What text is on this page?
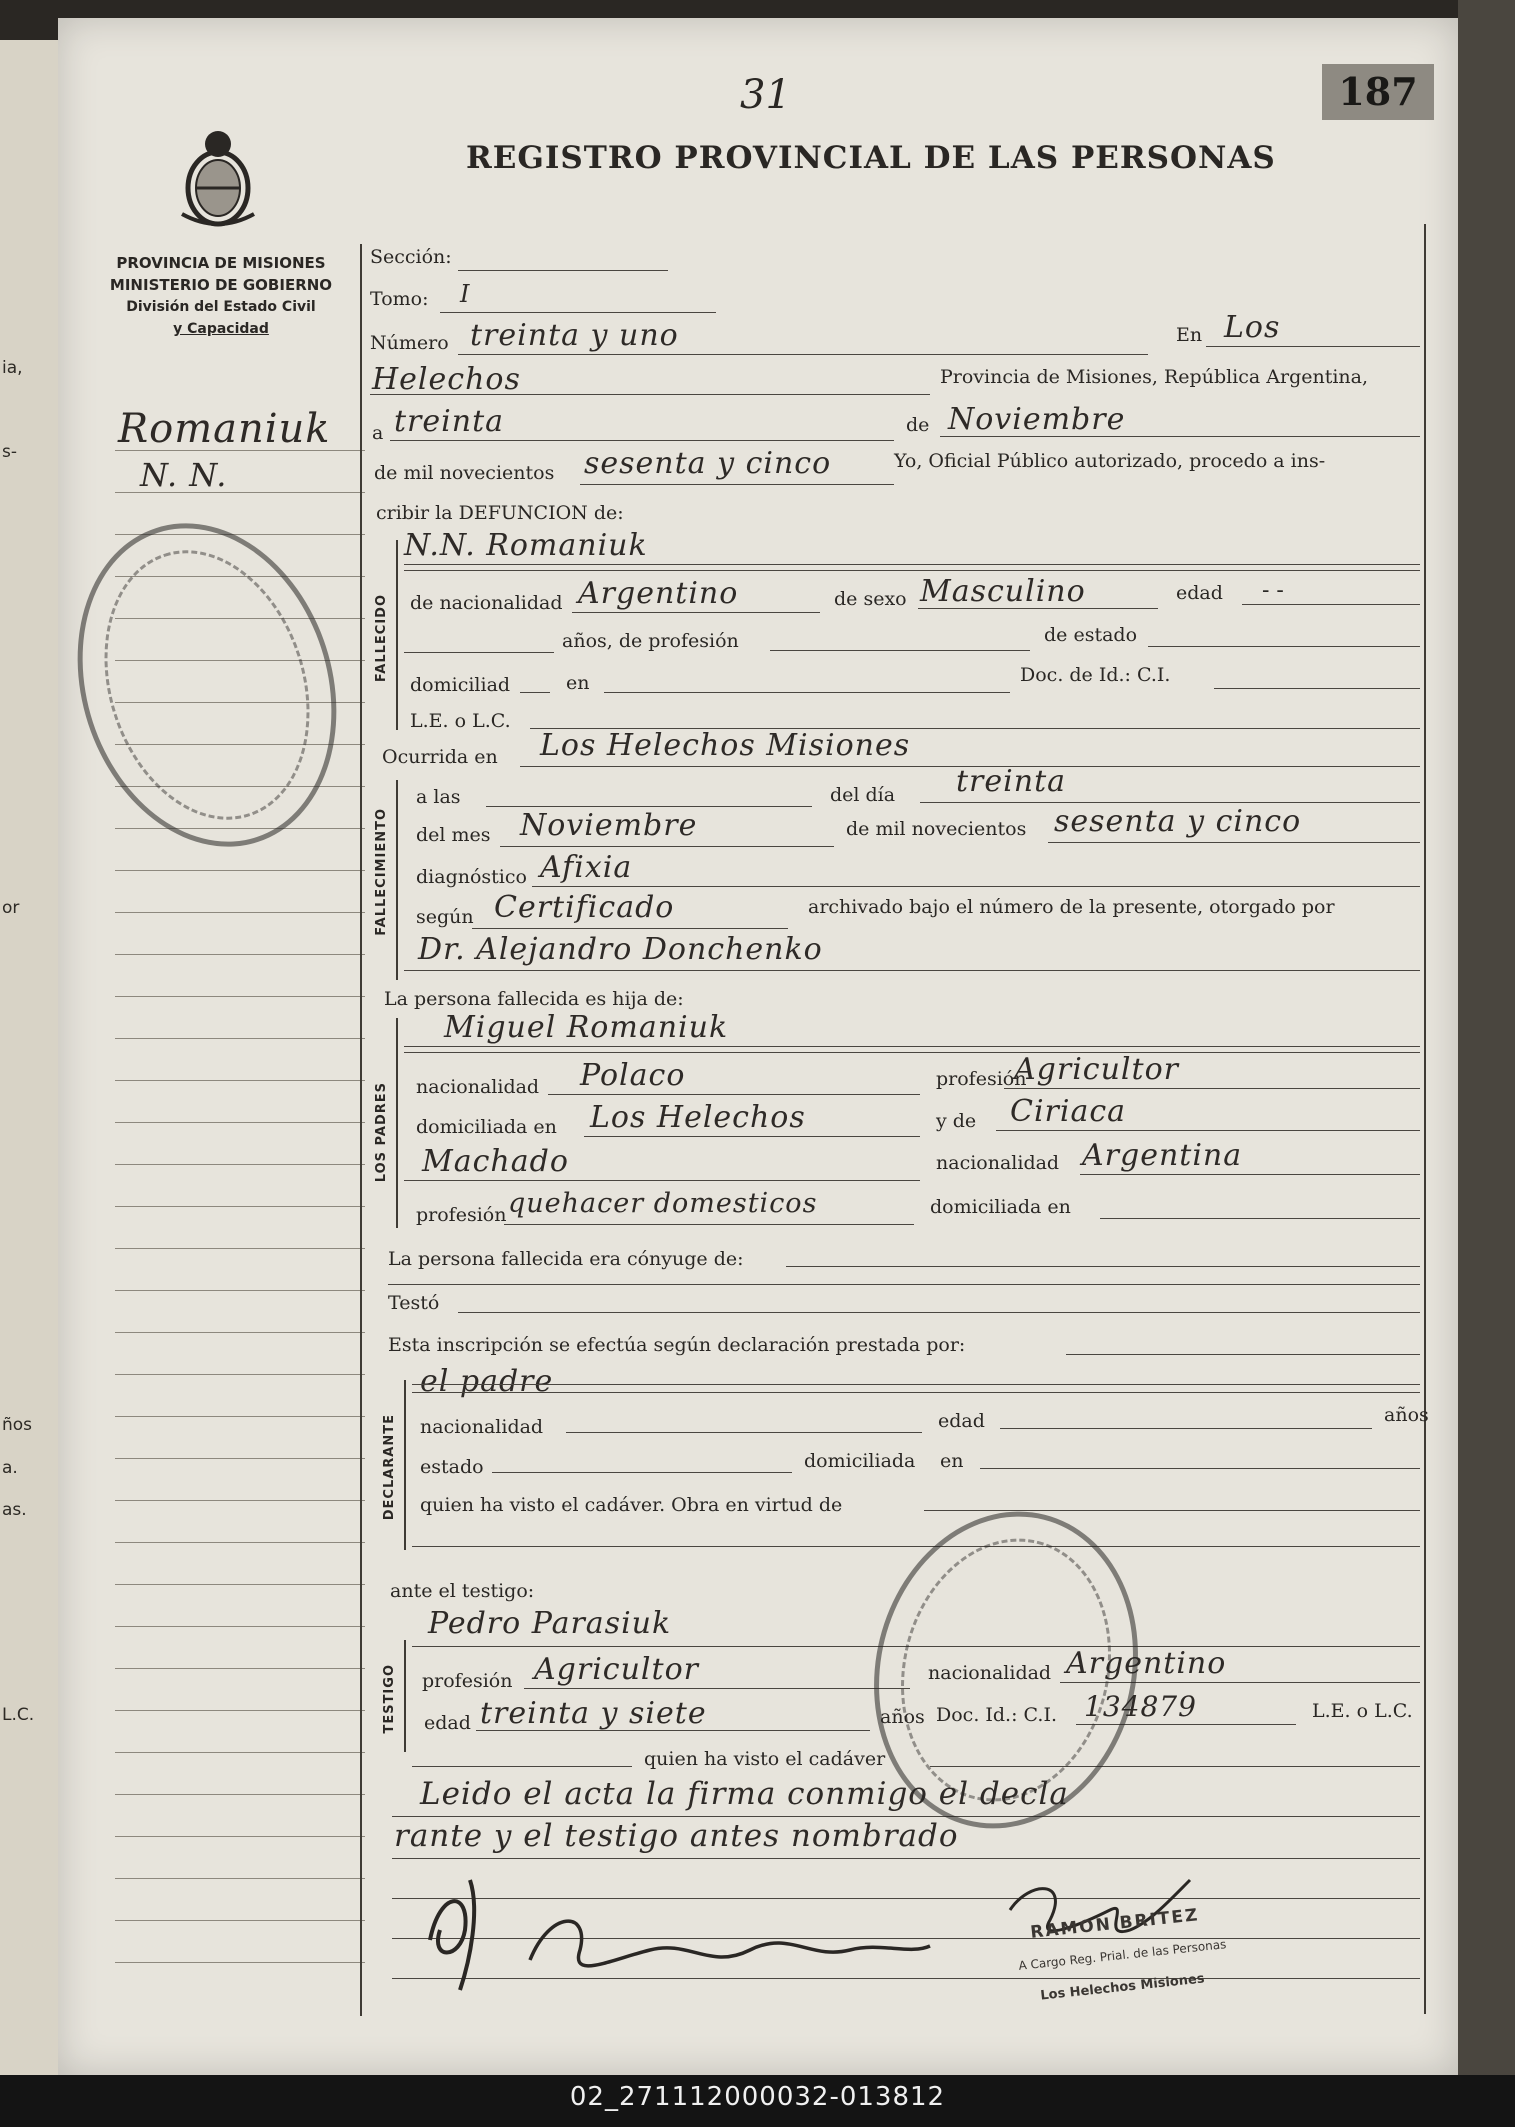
ia,
s-
or
ños
a.
as.
L.C.
31	187
REGISTRO PROVINCIAL DE LAS PERSONAS
PROVINCIA DE MISIONES
MINISTERIO DE GOBIERNO
División del Estado Civil
y Capacidad
Romaniuk
N. N.
Sección:
Tomo: I
Número treinta y uno	En Los
Helechos	Provincia de Misiones, República Argentina,
a treinta	de Noviembre
de mil novecientos sesenta y cinco	Yo, Oficial Público autorizado, procedo a ins-
cribir la DEFUNCION de:
FALLECIDO
N.N. Romaniuk
de nacionalidad Argentino	de sexo Masculino	edad - -
años, de profesión	de estado
domiciliad	en	Doc. de Id.: C.I.
L.E. o L.C.
Ocurrida en Los Helechos Misiones
FALLECIMIENTO
a las	del día treinta
del mes Noviembre	de mil novecientos sesenta y cinco
diagnóstico Afixia
según Certificado	archivado bajo el número de la presente, otorgado por
Dr. Alejandro Donchenko
La persona fallecida es hija de:
LOS PADRES
Miguel Romaniuk
nacionalidad Polaco	profesión
Agricultor
domiciliada en Los Helechos	y de Ciriaca
Machado	nacionalidad Argentina
profesión quehacer domesticos	domiciliada en
La persona fallecida era cónyuge de:
Testó
Esta inscripción se efectúa según declaración prestada por:
DECLARANTE
el padre
nacionalidad	edad	años
estado	domiciliada en
quien ha visto el cadáver. Obra en virtud de
ante el testigo:
TESTIGO
Pedro Parasiuk
profesión Agricultor	nacionalidad Argentino
edad treinta y siete	años Doc. Id.: C.I. 134879	L.E. o L.C.
quien ha visto el cadáver
Leido el acta la firma conmigo el decla
rante y el testigo antes nombrado
RAMON BRITEZ
A Cargo Reg. Prial. de las Personas
Los Helechos Misiones
02_271112000032-013812
